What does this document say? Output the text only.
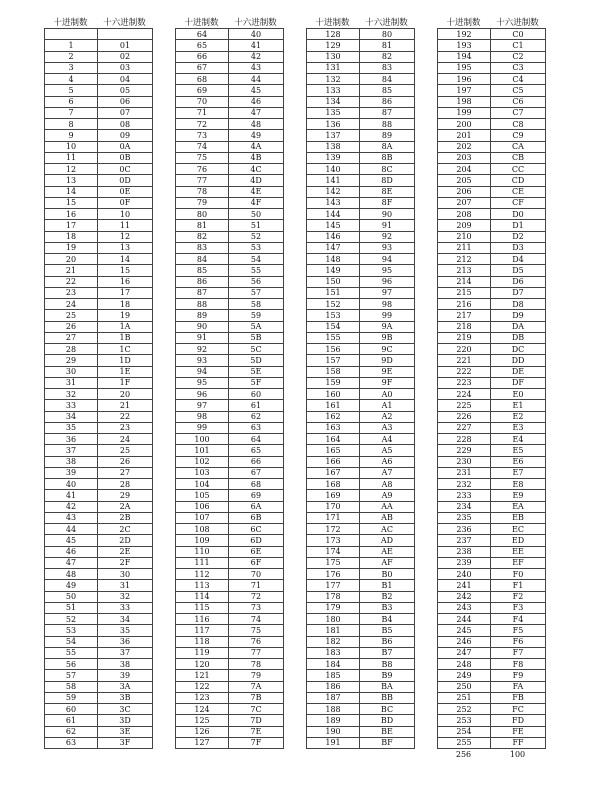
十进制数	十六进制数

1	01
2	02
3	03
4	04
5	05
6	06
7	07
8	08
9	09
10	0A
11	0B
12	0C
13	0D
14	0E
15	0F
16	10
17	11
18	12
19	13
20	14
21	15
22	16
23	17
24	18
25	19
26	1A
27	1B
28	1C
29	1D
30	1E
31	1F
32	20
33	21
34	22
35	23
36	24
37	25
38	26
39	27
40	28
41	29
42	2A
43	2B
44	2C
45	2D
46	2E
47	2F
48	30
49	31
50	32
51	33
52	34
53	35
54	36
55	37
56	38
57	39
58	3A
59	3B
60	3C
61	3D
62	3E
63	3F
十进制数	十六进制数
64	40
65	41
66	42
67	43
68	44
69	45
70	46
71	47
72	48
73	49
74	4A
75	4B
76	4C
77	4D
78	4E
79	4F
80	50
81	51
82	52
83	53
84	54
85	55
86	56
87	57
88	58
89	59
90	5A
91	5B
92	5C
93	5D
94	5E
95	5F
96	60
97	61
98	62
99	63
100	64
101	65
102	66
103	67
104	68
105	69
106	6A
107	6B
108	6C
109	6D
110	6E
111	6F
112	70
113	71
114	72
115	73
116	74
117	75
118	76
119	77
120	78
121	79
122	7A
123	7B
124	7C
125	7D
126	7E
127	7F
十进制数	十六进制数
128	80
129	81
130	82
131	83
132	84
133	85
134	86
135	87
136	88
137	89
138	8A
139	8B
140	8C
141	8D
142	8E
143	8F
144	90
145	91
146	92
147	93
148	94
149	95
150	96
151	97
152	98
153	99
154	9A
155	9B
156	9C
157	9D
158	9E
159	9F
160	A0
161	A1
162	A2
163	A3
164	A4
165	A5
166	A6
167	A7
168	A8
169	A9
170	AA
171	AB
172	AC
173	AD
174	AE
175	AF
176	B0
177	B1
178	B2
179	B3
180	B4
181	B5
182	B6
183	B7
184	B8
185	B9
186	BA
187	BB
188	BC
189	BD
190	BE
191	BF
十进制数	十六进制数
192	C0
193	C1
194	C2
195	C3
196	C4
197	C5
198	C6
199	C7
200	C8
201	C9
202	CA
203	CB
204	CC
205	CD
206	CE
207	CF
208	D0
209	D1
210	D2
211	D3
212	D4
213	D5
214	D6
215	D7
216	D8
217	D9
218	DA
219	DB
220	DC
221	DD
222	DE
223	DF
224	E0
225	E1
226	E2
227	E3
228	E4
229	E5
230	E6
231	E7
232	E8
233	E9
234	EA
235	EB
236	EC
237	ED
238	EE
239	EF
240	F0
241	F1
242	F2
243	F3
244	F4
245	F5
246	F6
247	F7
248	F8
249	F9
250	FA
251	FB
252	FC
253	FD
254	FE
255	FF
256	100
